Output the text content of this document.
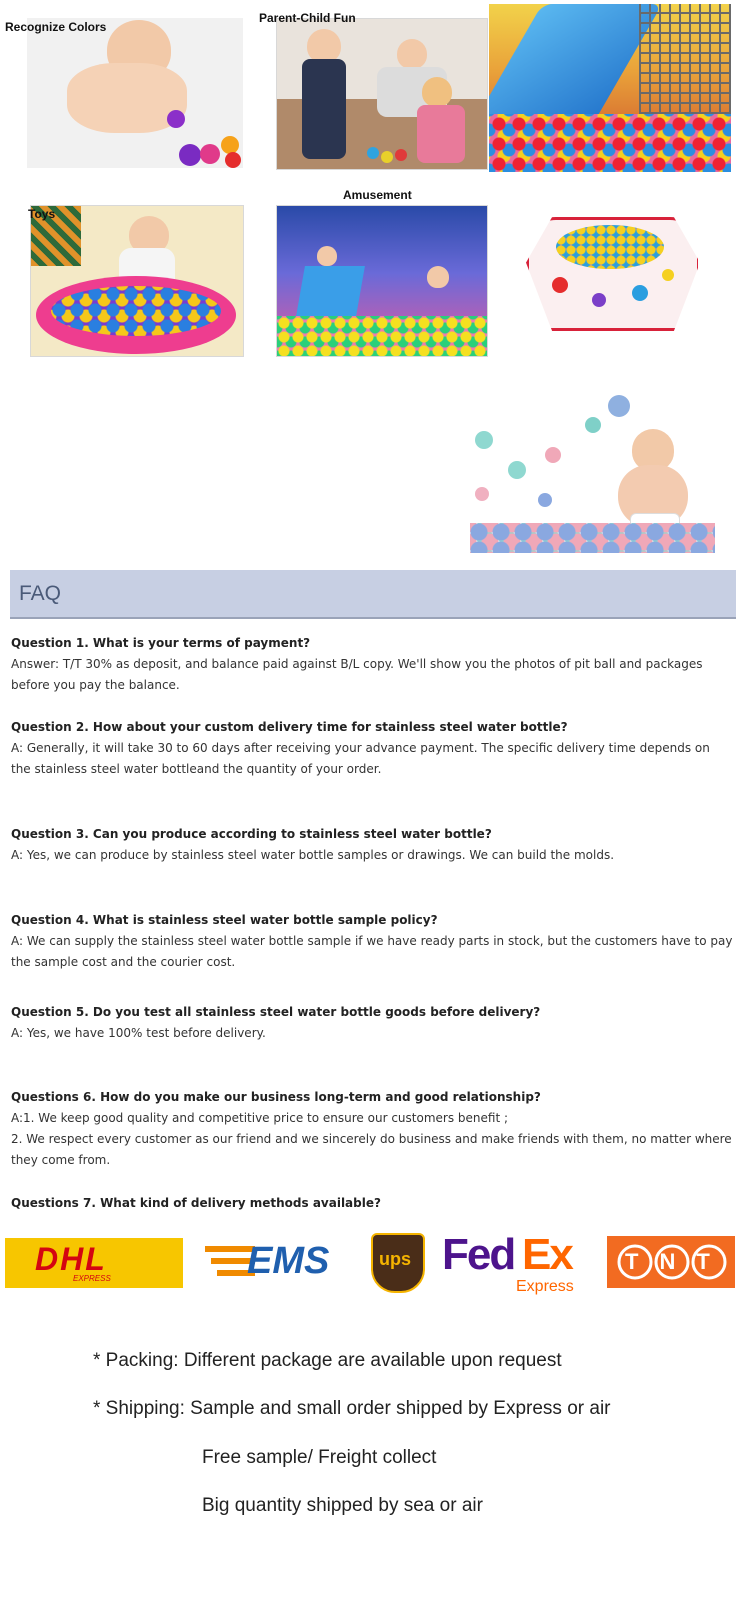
Recognize Colors
Parent-Child Fun
Toys
Amusement
FAQ
Question 1. What is your terms of payment?
Answer: T/T 30% as deposit, and balance paid against B/L copy. We'll show you the photos of pit ball and packages
before you pay the balance.
Question 2. How about your custom delivery time for stainless steel water bottle?
A: Generally, it will take 30 to 60 days after receiving your advance payment. The specific delivery time depends on
the stainless steel water bottleand the quantity of your order.
Question 3. Can you produce according to stainless steel water bottle?
A: Yes, we can produce by stainless steel water bottle samples or drawings. We can build the molds.
Question 4. What is stainless steel water bottle sample policy?
A: We can supply the stainless steel water bottle sample if we have ready parts in stock, but the customers have to pay
the sample cost and the courier cost.
Question 5. Do you test all stainless steel water bottle goods before delivery?
A: Yes, we have 100% test before delivery.
Questions 6. How do you make our business long-term and good relationship?
A:1. We keep good quality and competitive price to ensure our customers benefit ;
2. We respect every customer as our friend and we sincerely do business and make friends with them, no matter where
they come from.
Questions 7. What kind of delivery methods available?
DHL
EXPRESS	EMS	ups Fed Ex
Express
TNT
* Packing: Different package are available upon request
* Shipping: Sample and small order shipped by Express or air
Free sample/ Freight collect
Big quantity shipped by sea or air
